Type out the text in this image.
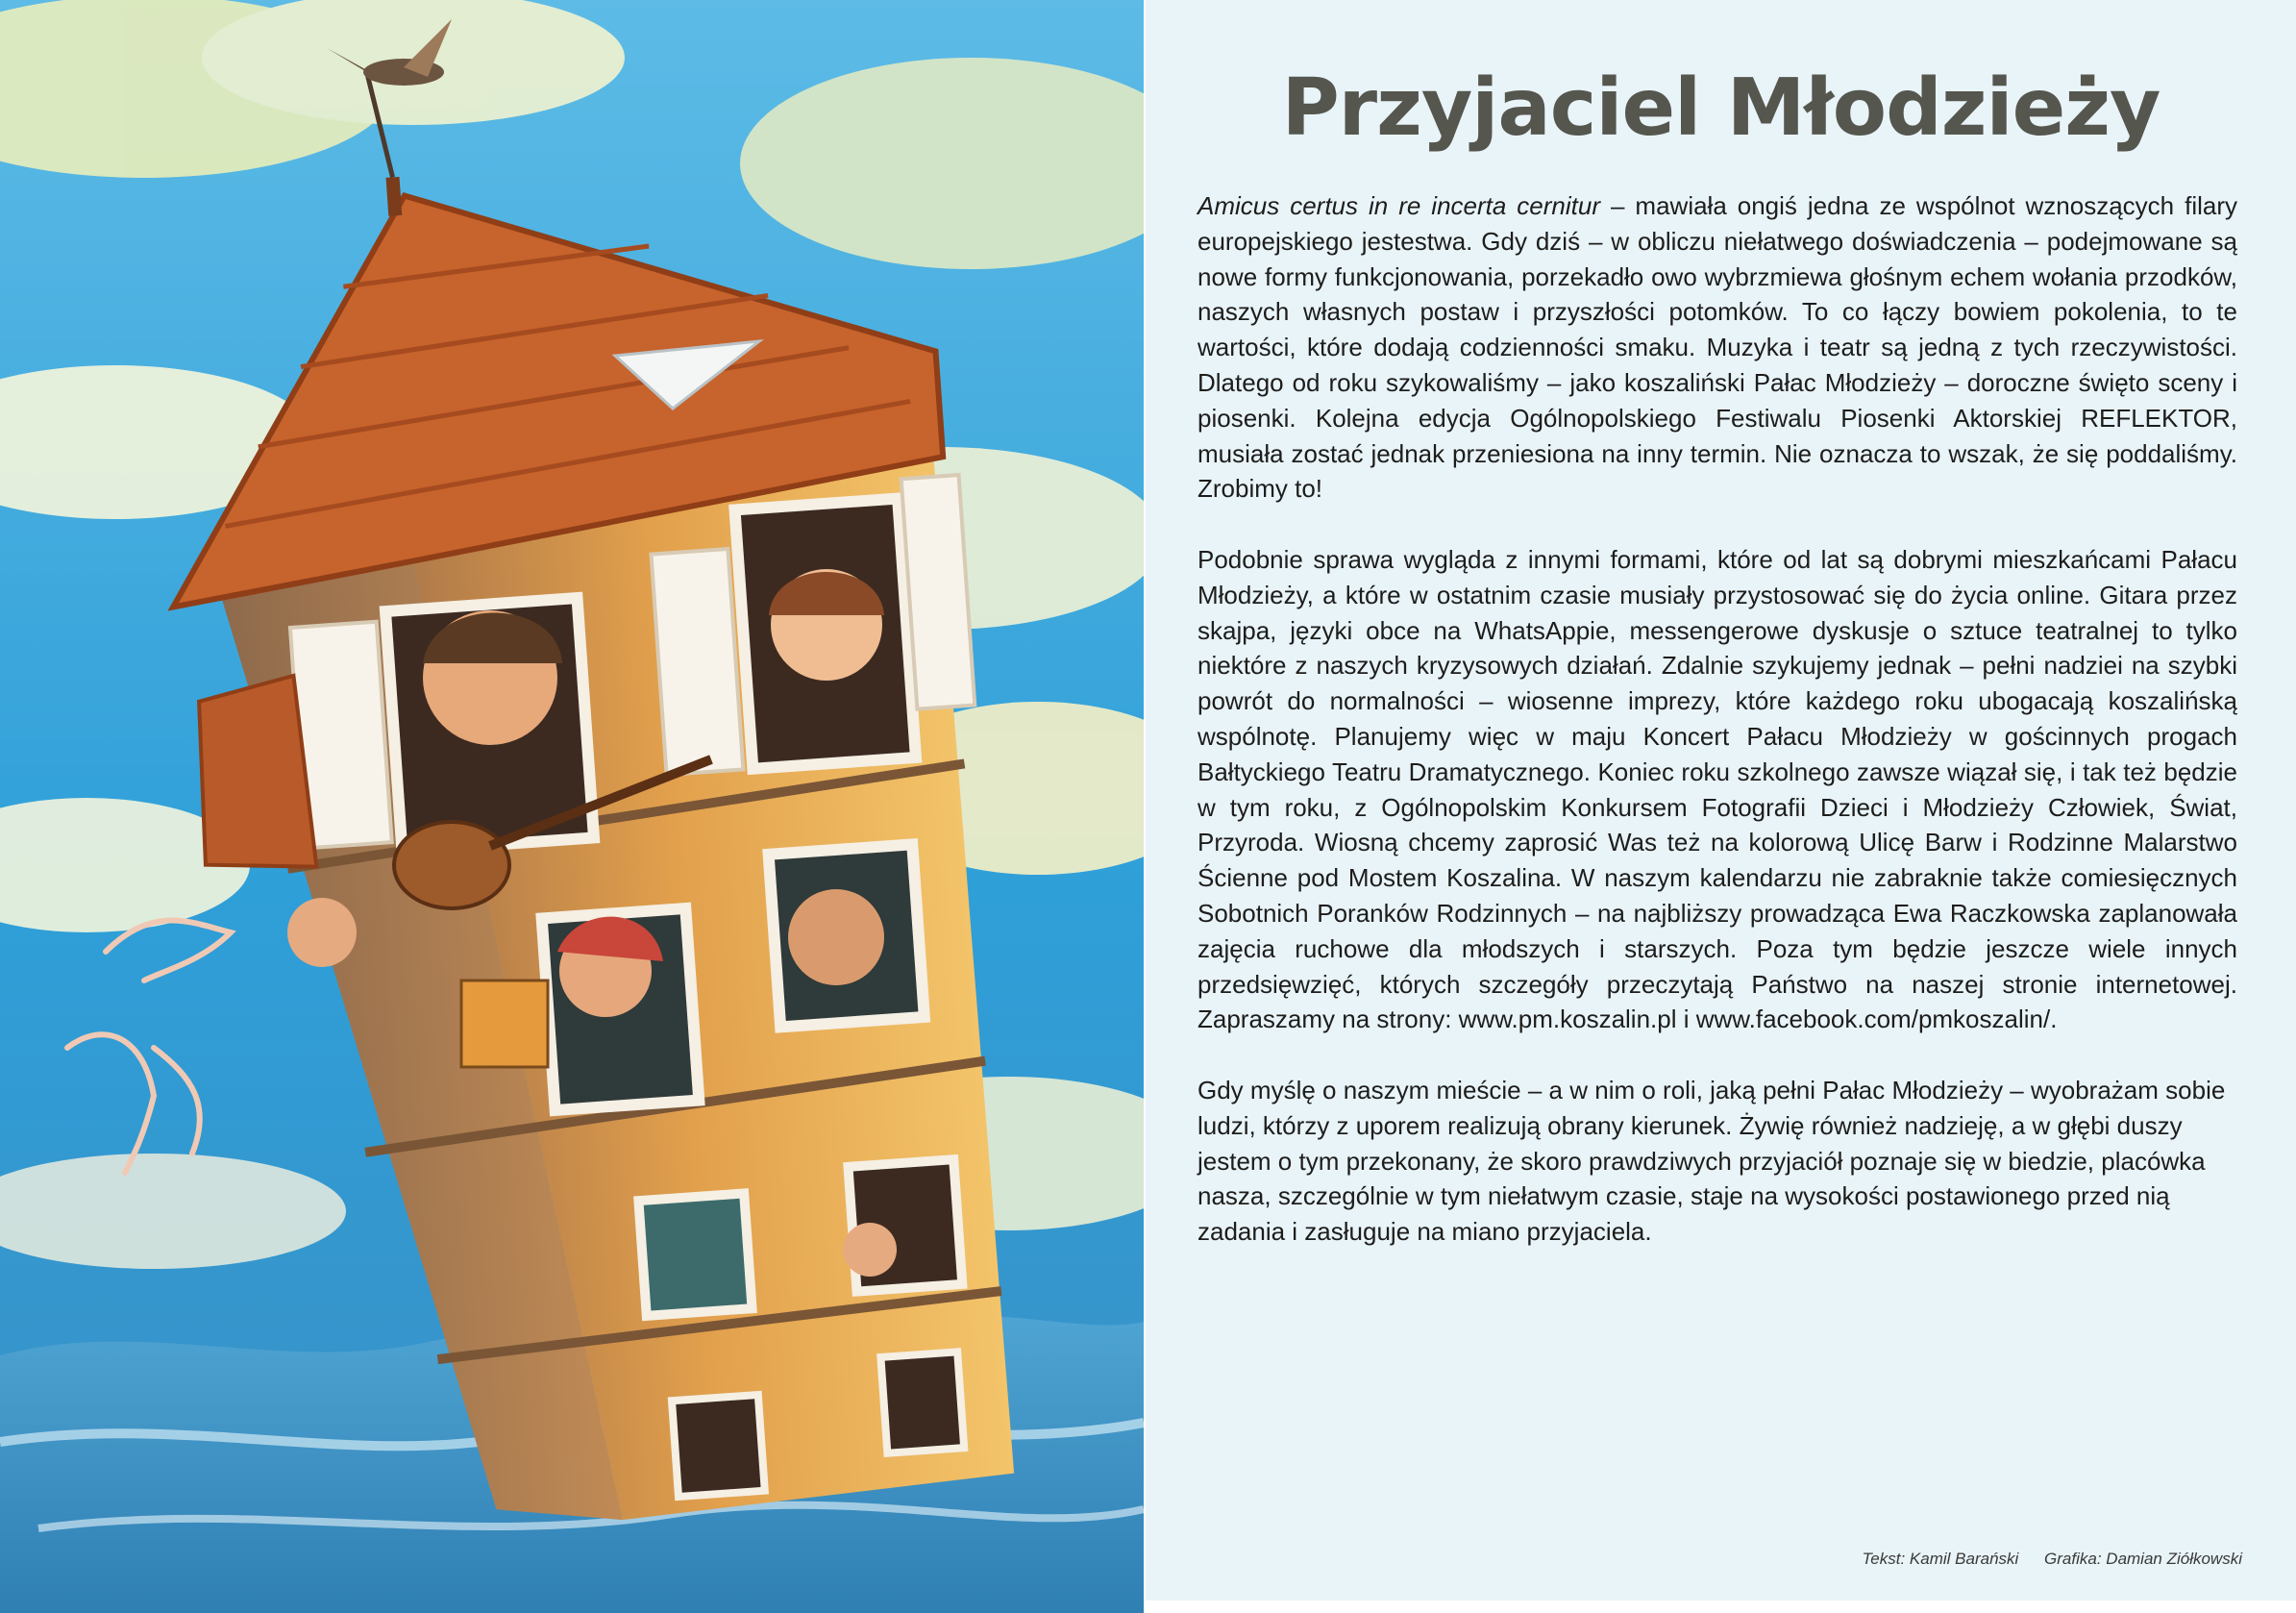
Przyjaciel Młodzieży

Amicus certus in re incerta cernitur – mawiała ongiś jedna ze wspólnot wznoszących filary europejskiego jestestwa. Gdy dziś – w obliczu niełatwego doświadczenia – podejmowane są nowe formy funkcjonowania, porzekadło owo wybrzmiewa głośnym echem wołania przodków, naszych własnych postaw i przyszłości potomków. To co łączy bowiem pokolenia, to te wartości, które dodają codzienności smaku. Muzyka i teatr są jedną z tych rzeczywistości. Dlatego od roku szykowaliśmy – jako koszaliński Pałac Młodzieży – doroczne święto sceny i piosenki. Kolejna edycja Ogólnopolskiego Festiwalu Piosenki Aktorskiej REFLEKTOR, musiała zostać jednak przeniesiona na inny termin. Nie oznacza to wszak, że się poddaliśmy. Zrobimy to!

Podobnie sprawa wygląda z innymi formami, które od lat są dobrymi mieszkańcami Pałacu Młodzieży, a które w ostatnim czasie musiały przystosować się do życia online. Gitara przez skajpa, języki obce na WhatsAppie, messengerowe dyskusje o sztuce teatralnej to tylko niektóre z naszych kryzysowych działań. Zdalnie szykujemy jednak – pełni nadziei na szybki powrót do normalności – wiosenne imprezy, które każdego roku ubogacają koszalińską wspólnotę. Planujemy więc w maju Koncert Pałacu Młodzieży w gościnnych progach Bałtyckiego Teatru Dramatycznego. Koniec roku szkolnego zawsze wiązał się, i tak też będzie w tym roku, z Ogólnopolskim Konkursem Fotografii Dzieci i Młodzieży Człowiek, Świat, Przyroda. Wiosną chcemy zaprosić Was też na kolorową Ulicę Barw i Rodzinne Malarstwo Ścienne pod Mostem Koszalina. W naszym kalendarzu nie zabraknie także comiesięcznych Sobotnich Poranków Rodzinnych – na najbliższy prowadząca Ewa Raczkowska zaplanowała zajęcia ruchowe dla młodszych i starszych. Poza tym będzie jeszcze wiele innych przedsięwzięć, których szczegóły przeczytają Państwo na naszej stronie internetowej. Zapraszamy na strony: www.pm.koszalin.pl i www.facebook.com/pmkoszalin/.

Gdy myślę o naszym mieście – a w nim o roli, jaką pełni Pałac Młodzieży – wyobrażam sobie ludzi, którzy z uporem realizują obrany kierunek. Żywię również nadzieję, a w głębi duszy jestem o tym przekonany, że skoro prawdziwych przyjaciół poznaje się w biedzie, placówka nasza, szczególnie w tym niełatwym czasie, staje na wysokości postawionego przed nią zadania i zasługuje na miano przyjaciela.

Tekst: Kamil Barański Grafika: Damian Ziółkowski
